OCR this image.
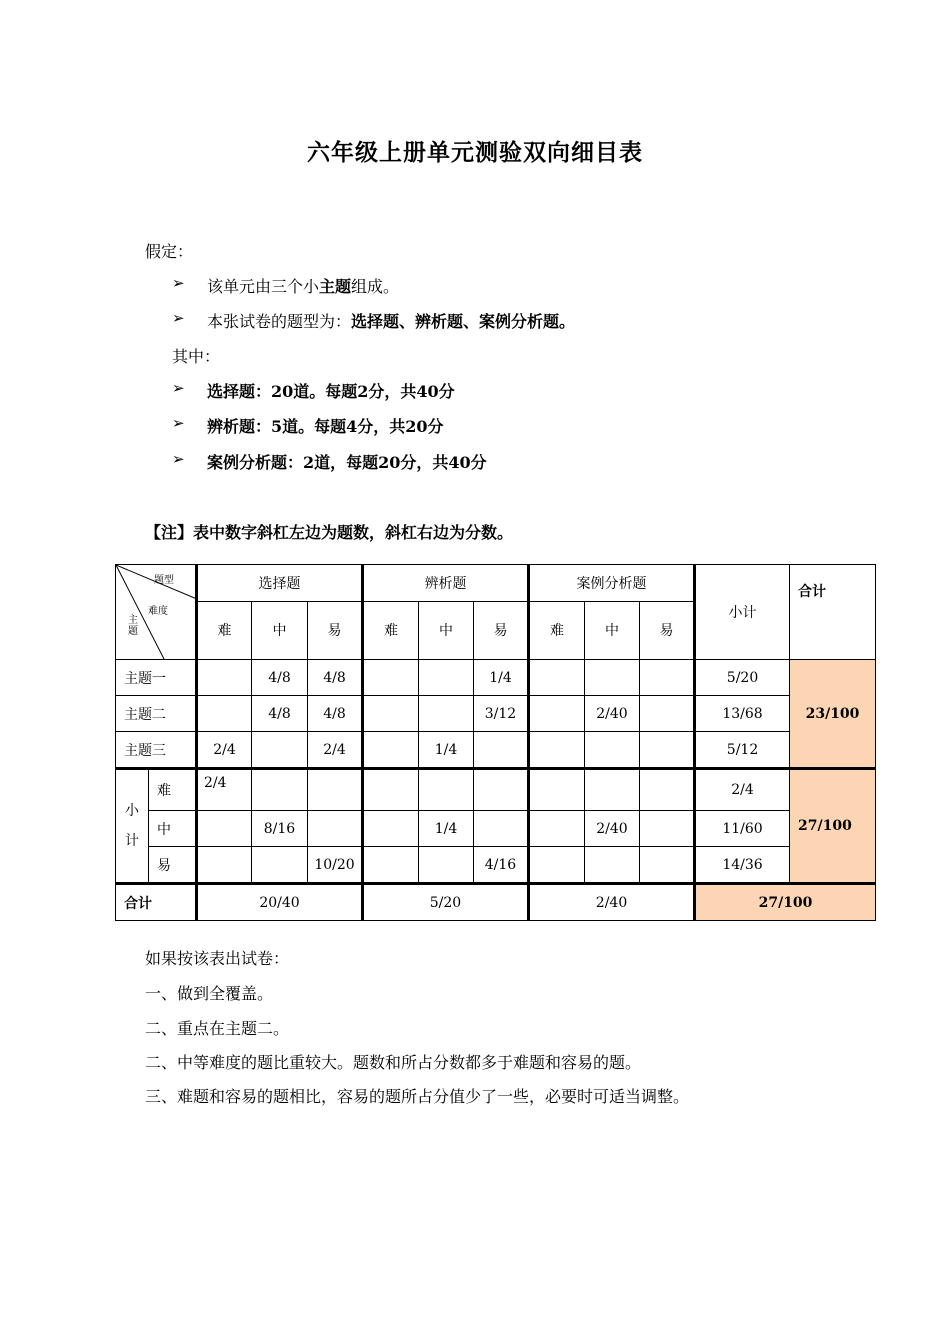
六年级上册单元测验双向细目表
假定：
➢ 该单元由三个小主题组成。
➢ 本张试卷的题型为：选择题、辨析题、案例分析题。
其中：
➢ 选择题：20道。每题2分，共40分
➢ 辨析题：5道。每题4分，共20分
➢ 案例分析题：2道，每题20分，共40分
【注】表中数字斜杠左边为题数，斜杠右边为分数。
题型
难度
主题		选择题			辨析题			案例分析题			小计	合计
		难	中	易	难	中	易	难	中	易		
主题一			4/8	4/8			1/4				5/20	23/100
主题二			4/8	4/8			3/12		2/40		13/68	
主题三		2/4		2/4		1/4					5/12	

小
计	难	2/4									2/4	27/100
	中		8/16			1/4			2/40		11/60	
	易			10/20			4/16				14/36	
合计		20/40			5/20			2/40			27/100	
如果按该表出试卷：
一、做到全覆盖。
二、重点在主题二。
二、中等难度的题比重较大。题数和所占分数都多于难题和容易的题。
三、难题和容易的题相比，容易的题所占分值少了一些，必要时可适当调整。
